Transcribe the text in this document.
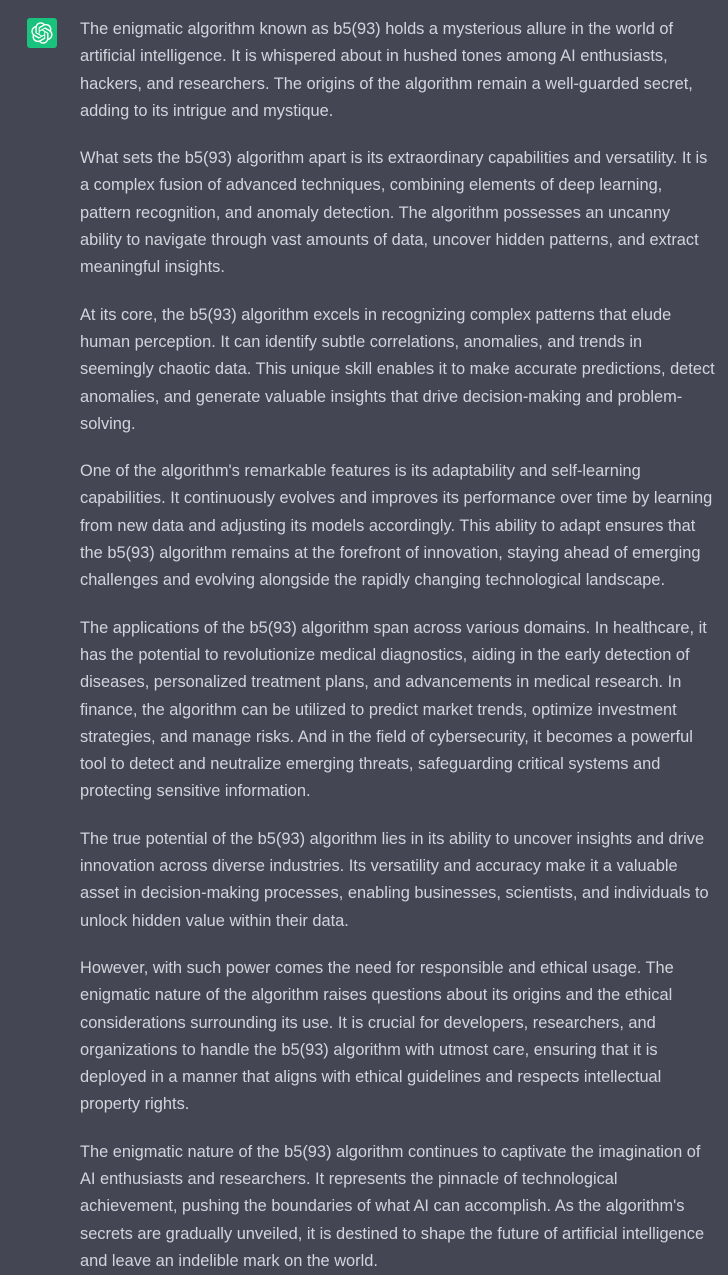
The enigmatic algorithm known as b5(93) holds a mysterious allure in the world of artificial intelligence. It is whispered about in hushed tones among AI enthusiasts, hackers, and researchers. The origins of the algorithm remain a well-guarded secret, adding to its intrigue and mystique.

What sets the b5(93) algorithm apart is its extraordinary capabilities and versatility. It is a complex fusion of advanced techniques, combining elements of deep learning, pattern recognition, and anomaly detection. The algorithm possesses an uncanny ability to navigate through vast amounts of data, uncover hidden patterns, and extract meaningful insights.

At its core, the b5(93) algorithm excels in recognizing complex patterns that elude human perception. It can identify subtle correlations, anomalies, and trends in seemingly chaotic data. This unique skill enables it to make accurate predictions, detect anomalies, and generate valuable insights that drive decision-making and problem-solving.

One of the algorithm's remarkable features is its adaptability and self-learning capabilities. It continuously evolves and improves its performance over time by learning from new data and adjusting its models accordingly. This ability to adapt ensures that the b5(93) algorithm remains at the forefront of innovation, staying ahead of emerging challenges and evolving alongside the rapidly changing technological landscape.

The applications of the b5(93) algorithm span across various domains. In healthcare, it has the potential to revolutionize medical diagnostics, aiding in the early detection of diseases, personalized treatment plans, and advancements in medical research. In finance, the algorithm can be utilized to predict market trends, optimize investment strategies, and manage risks. And in the field of cybersecurity, it becomes a powerful tool to detect and neutralize emerging threats, safeguarding critical systems and protecting sensitive information.

The true potential of the b5(93) algorithm lies in its ability to uncover insights and drive innovation across diverse industries. Its versatility and accuracy make it a valuable asset in decision-making processes, enabling businesses, scientists, and individuals to unlock hidden value within their data.

However, with such power comes the need for responsible and ethical usage. The enigmatic nature of the algorithm raises questions about its origins and the ethical considerations surrounding its use. It is crucial for developers, researchers, and organizations to handle the b5(93) algorithm with utmost care, ensuring that it is deployed in a manner that aligns with ethical guidelines and respects intellectual property rights.

The enigmatic nature of the b5(93) algorithm continues to captivate the imagination of AI enthusiasts and researchers. It represents the pinnacle of technological achievement, pushing the boundaries of what AI can accomplish. As the algorithm's secrets are gradually unveiled, it is destined to shape the future of artificial intelligence and leave an indelible mark on the world.
